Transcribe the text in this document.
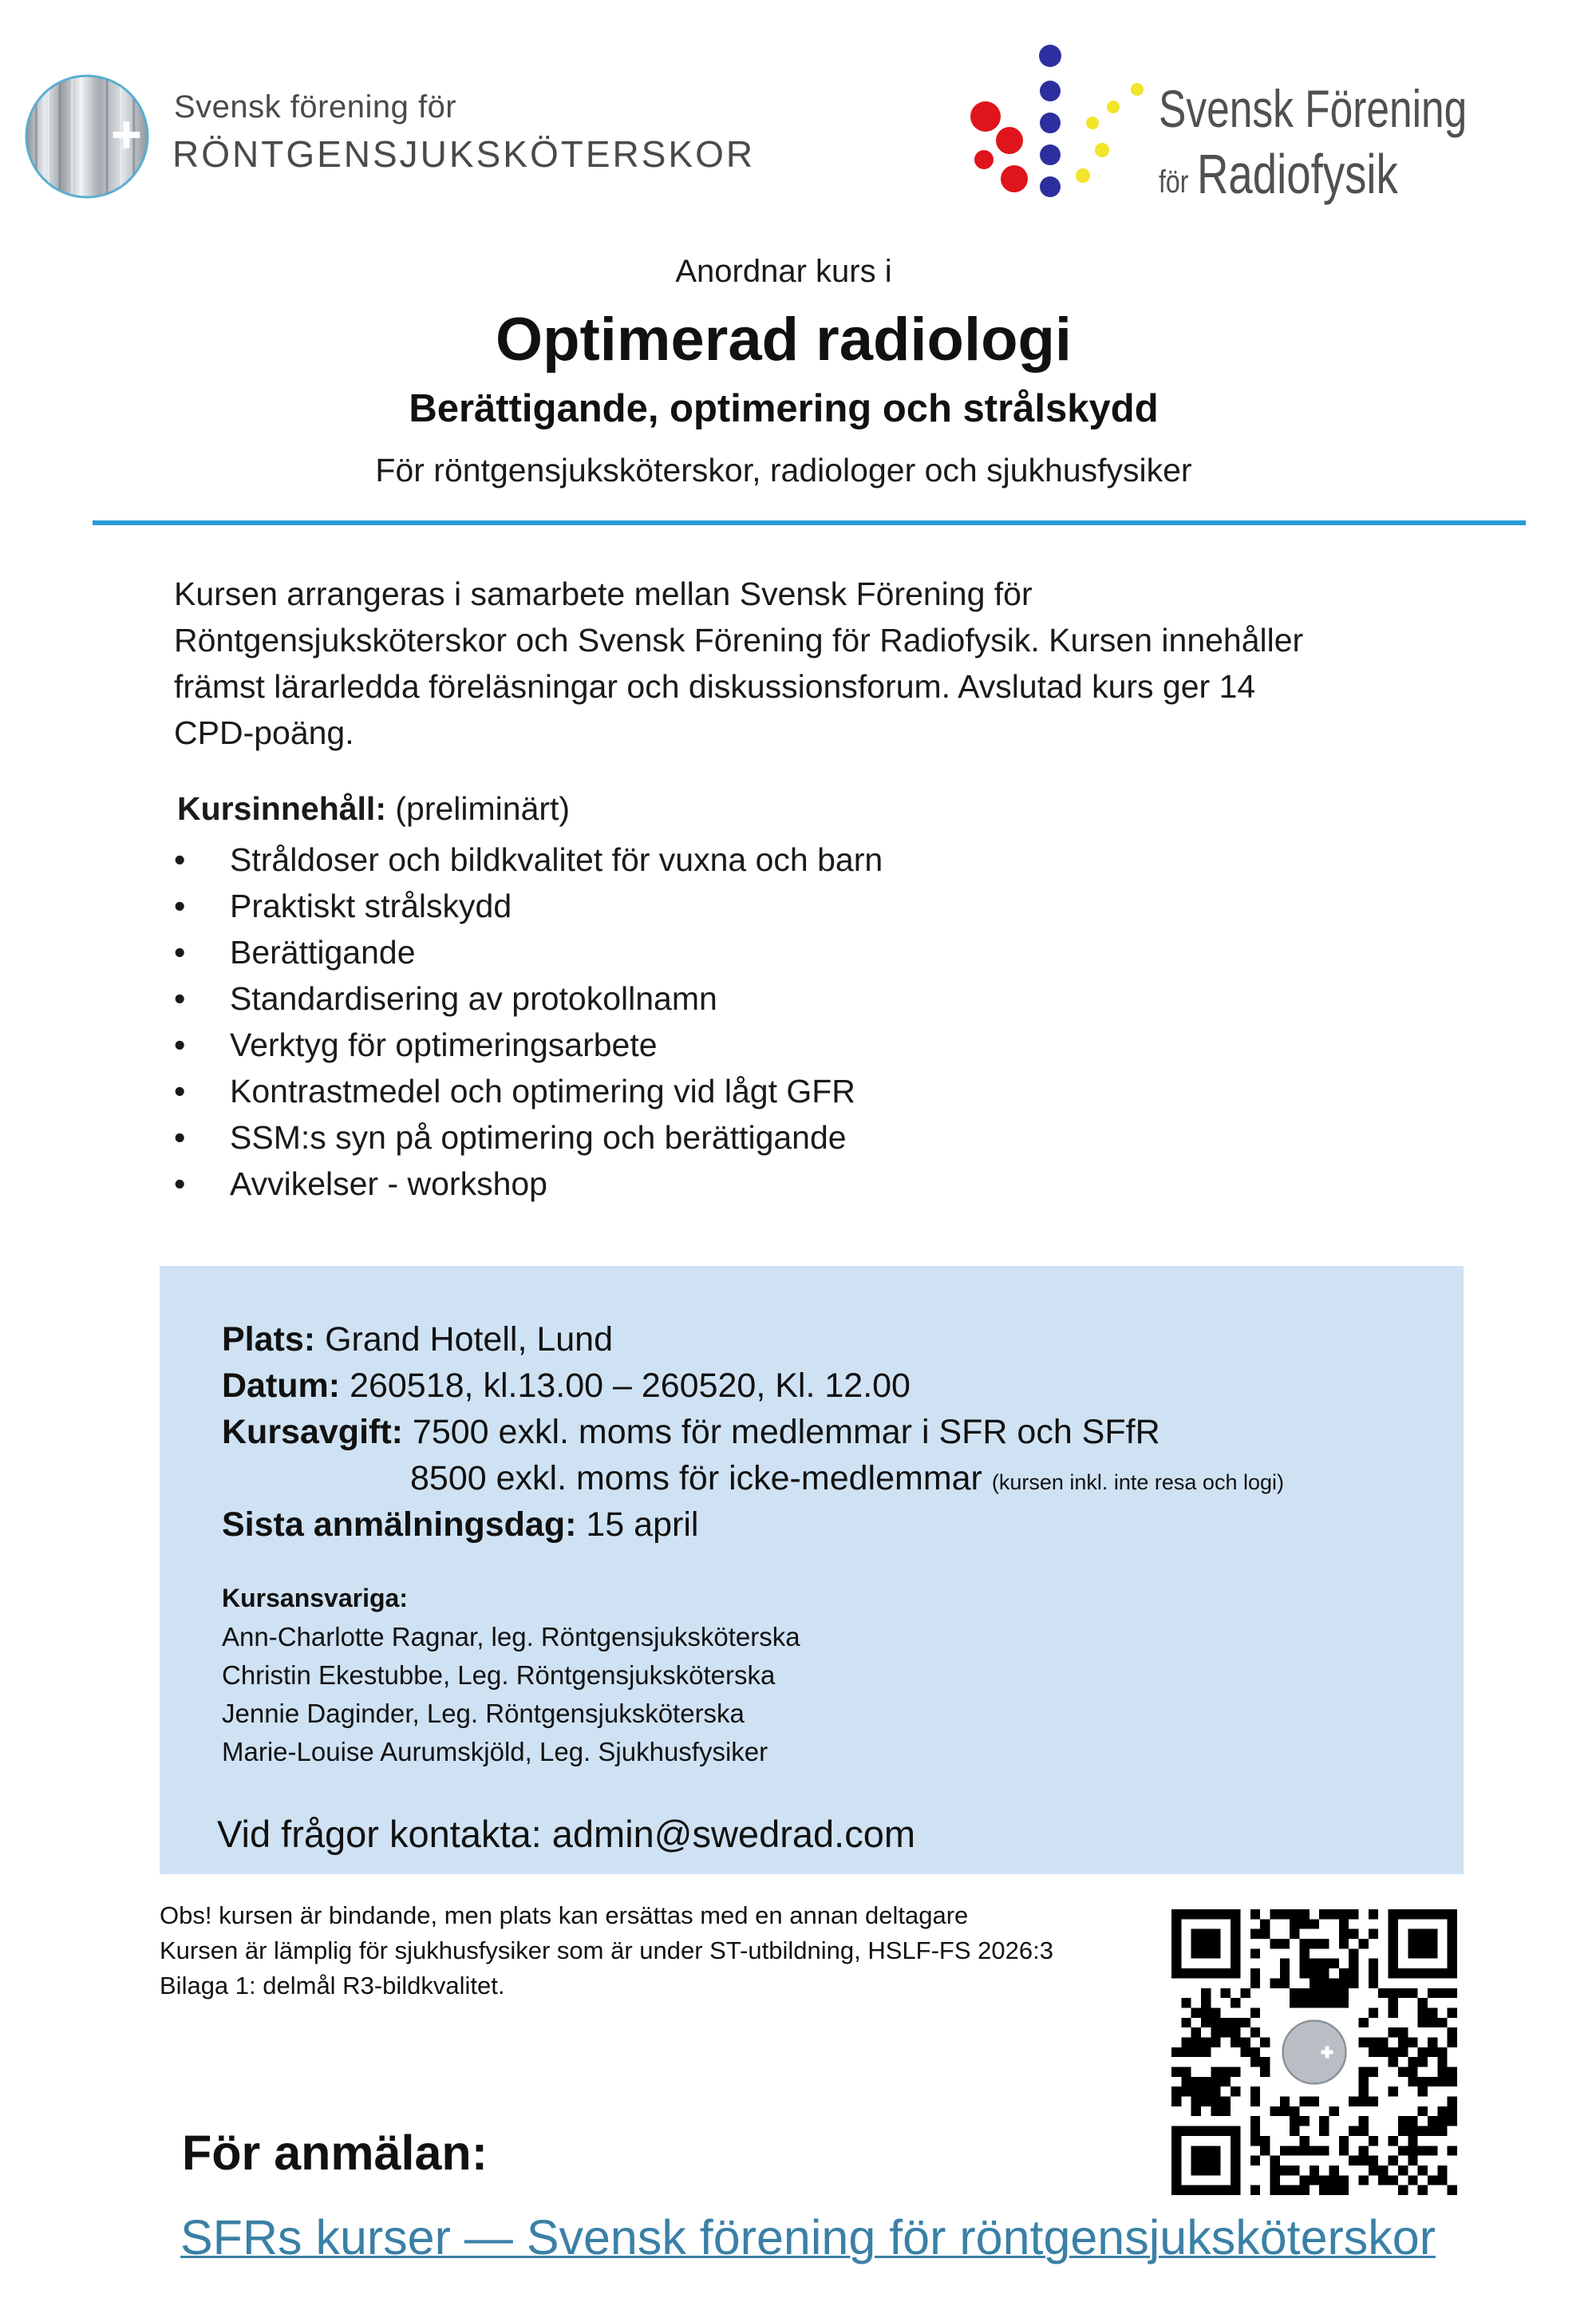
Svensk förening för
RÖNTGENSJUKSKÖTERSKOR
Svensk Förening
för Radiofysik
Anordnar kurs i
Optimerad radiologi
Berättigande, optimering och strålskydd
För röntgensjuksköterskor, radiologer och sjukhusfysiker
Kursen arrangeras i samarbete mellan Svensk Förening för Röntgensjuksköterskor och Svensk Förening för Radiofysik. Kursen innehåller främst lärarledda föreläsningar och diskussionsforum. Avslutad kurs ger 14 CPD-poäng.
Kursinnehåll: (preliminärt)
• Stråldoser och bildkvalitet för vuxna och barn
• Praktiskt strålskydd
• Berättigande
• Standardisering av protokollnamn
• Verktyg för optimeringsarbete
• Kontrastmedel och optimering vid lågt GFR
• SSM:s syn på optimering och berättigande
• Avvikelser - workshop
Plats: Grand Hotell, Lund
Datum: 260518, kl.13.00 – 260520, Kl. 12.00
Kursavgift: 7500 exkl. moms för medlemmar i SFR och SFfR
8500 exkl. moms för icke-medlemmar (kursen inkl. inte resa och logi)
Sista anmälningsdag: 15 april
Kursansvariga:
Ann-Charlotte Ragnar, leg. Röntgensjuksköterska
Christin Ekestubbe, Leg. Röntgensjuksköterska
Jennie Daginder, Leg. Röntgensjuksköterska
Marie-Louise Aurumskjöld, Leg. Sjukhusfysiker
Vid frågor kontakta: admin@swedrad.com
Obs! kursen är bindande, men plats kan ersättas med en annan deltagare
Kursen är lämplig för sjukhusfysiker som är under ST-utbildning, HSLF-FS 2026:3
Bilaga 1: delmål R3-bildkvalitet.
För anmälan:
SFRs kurser — Svensk förening för röntgensjuksköterskor
